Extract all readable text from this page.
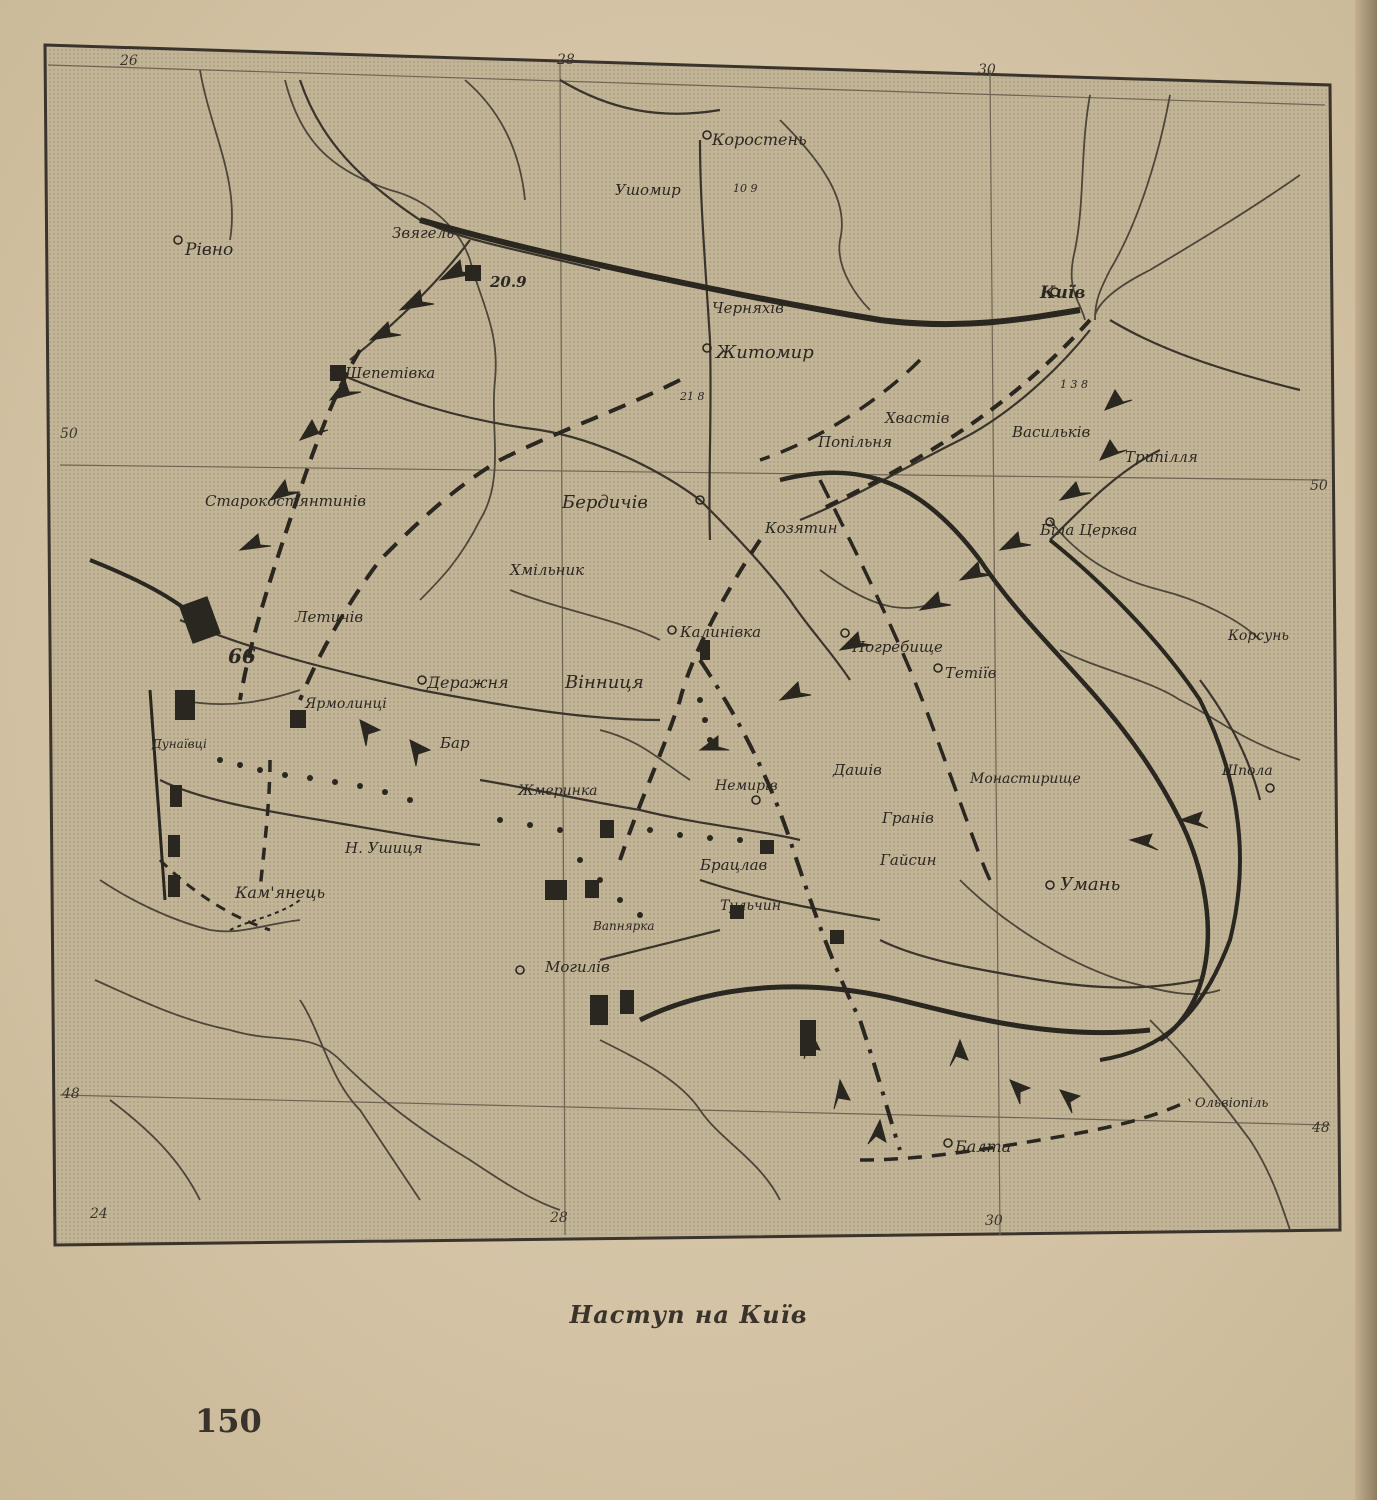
26	28
30
24	28	30
50
50
48
48
Коростень
Ушомир
Звягель
Рівно
Київ
Черняхів
Житомир
Шепетівка
Хвастів
Васильків
Трипілля
Попільня
Бердичів
Старокостянтинів
Козятин	Біла Церква
Хмільник
Летичів
Калинівка
Погребище
Тетіїв
Корсунь
Деражня	Вінниця
Ярмолинці
Бар
Немирів
Дашів	Монастирище	Шпола
Жмеринка
Гранів
Гайсин
Умань
Брацлав
Н. Ушиця
Кам'янець
Тульчин
Вапнярка
Могилів
Ольвіопіль
Балта
Дунаївці
20.9
10 9
21 8
1 3 8
66
Наступ на Київ
150
